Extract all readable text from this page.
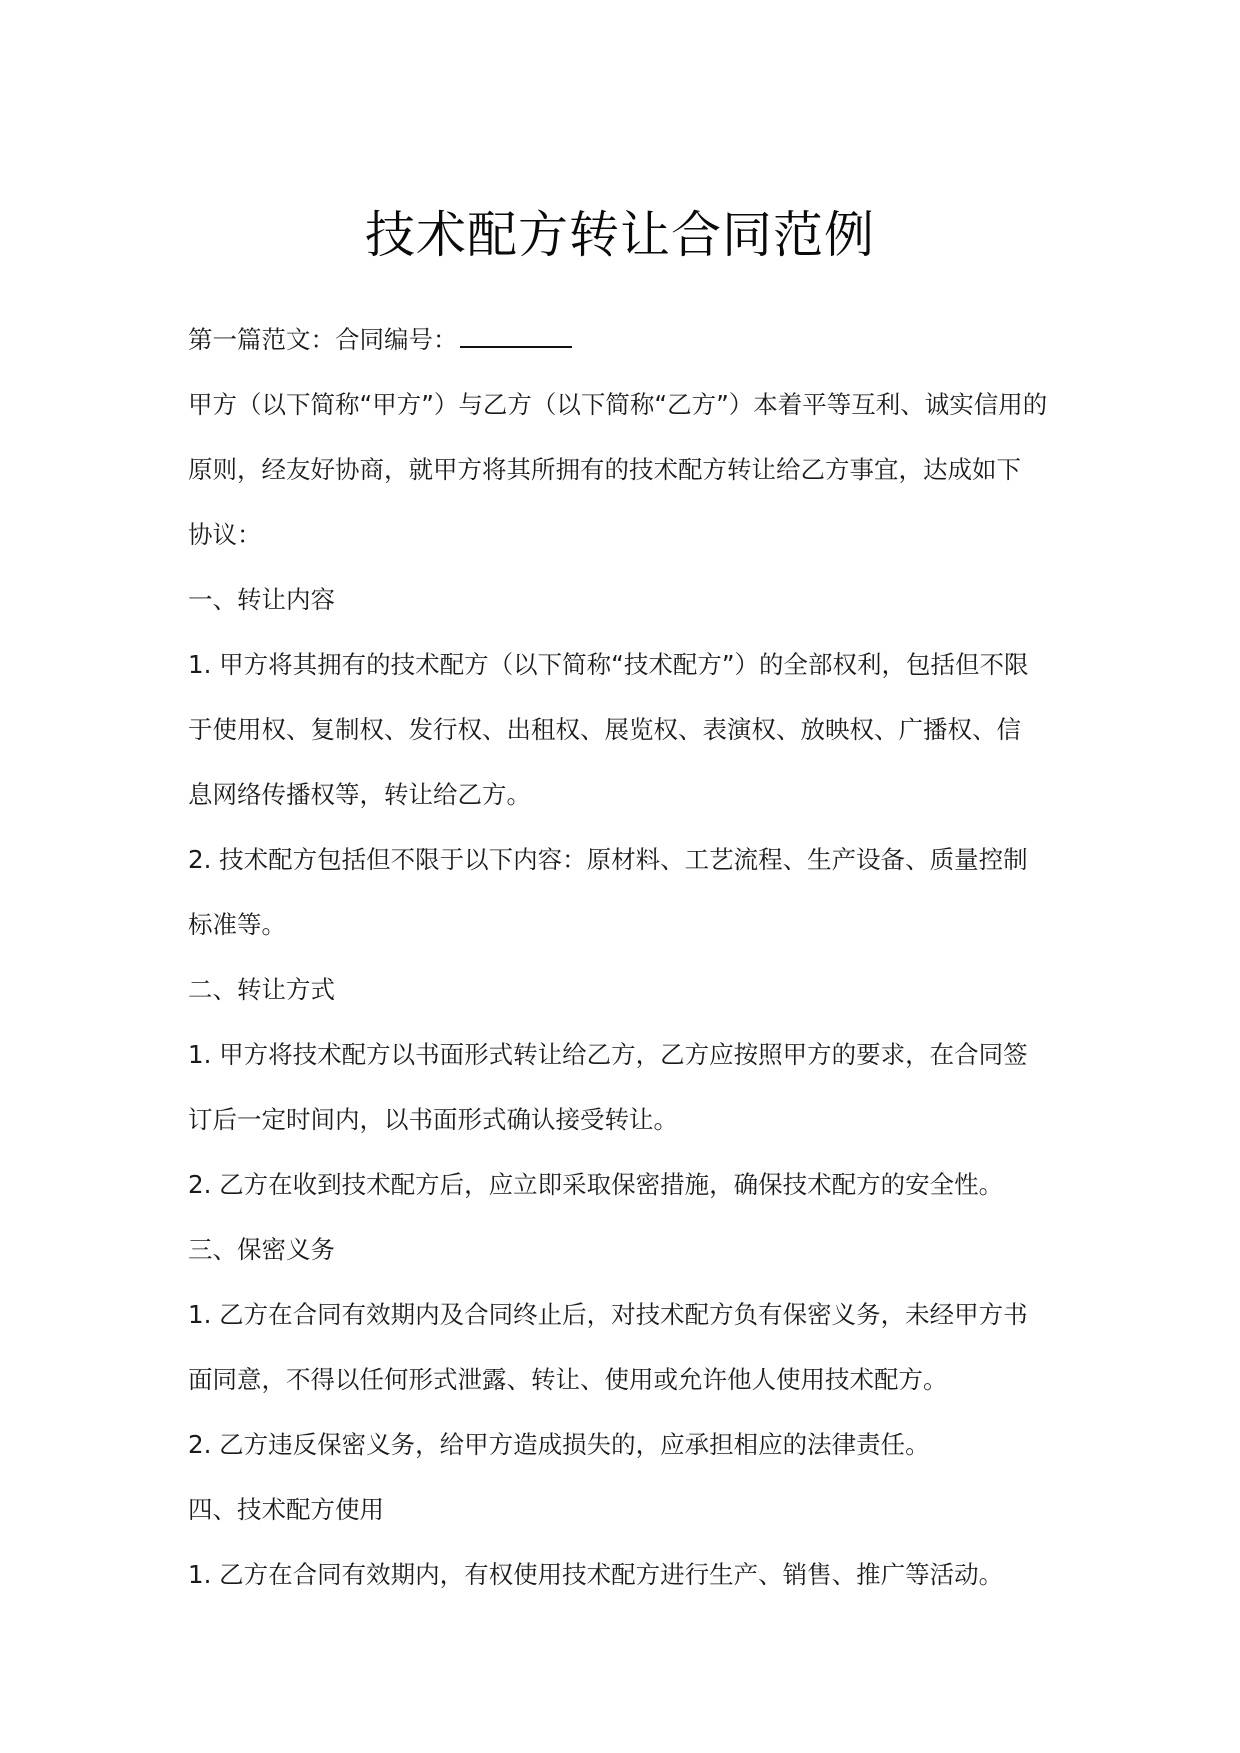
技术配方转让合同范例
第一篇范文：合同编号：
甲方（以下简称“甲方”）与乙方（以下简称“乙方”）本着平等互利、诚实信用的
原则，经友好协商，就甲方将其所拥有的技术配方转让给乙方事宜，达成如下
协议：
一、转让内容
1. 甲方将其拥有的技术配方（以下简称“技术配方”）的全部权利，包括但不限
于使用权、复制权、发行权、出租权、展览权、表演权、放映权、广播权、信
息网络传播权等，转让给乙方。
2. 技术配方包括但不限于以下内容：原材料、工艺流程、生产设备、质量控制
标准等。
二、转让方式
1. 甲方将技术配方以书面形式转让给乙方，乙方应按照甲方的要求，在合同签
订后一定时间内，以书面形式确认接受转让。
2. 乙方在收到技术配方后，应立即采取保密措施，确保技术配方的安全性。
三、保密义务
1. 乙方在合同有效期内及合同终止后，对技术配方负有保密义务，未经甲方书
面同意，不得以任何形式泄露、转让、使用或允许他人使用技术配方。
2. 乙方违反保密义务，给甲方造成损失的，应承担相应的法律责任。
四、技术配方使用
1. 乙方在合同有效期内，有权使用技术配方进行生产、销售、推广等活动。
